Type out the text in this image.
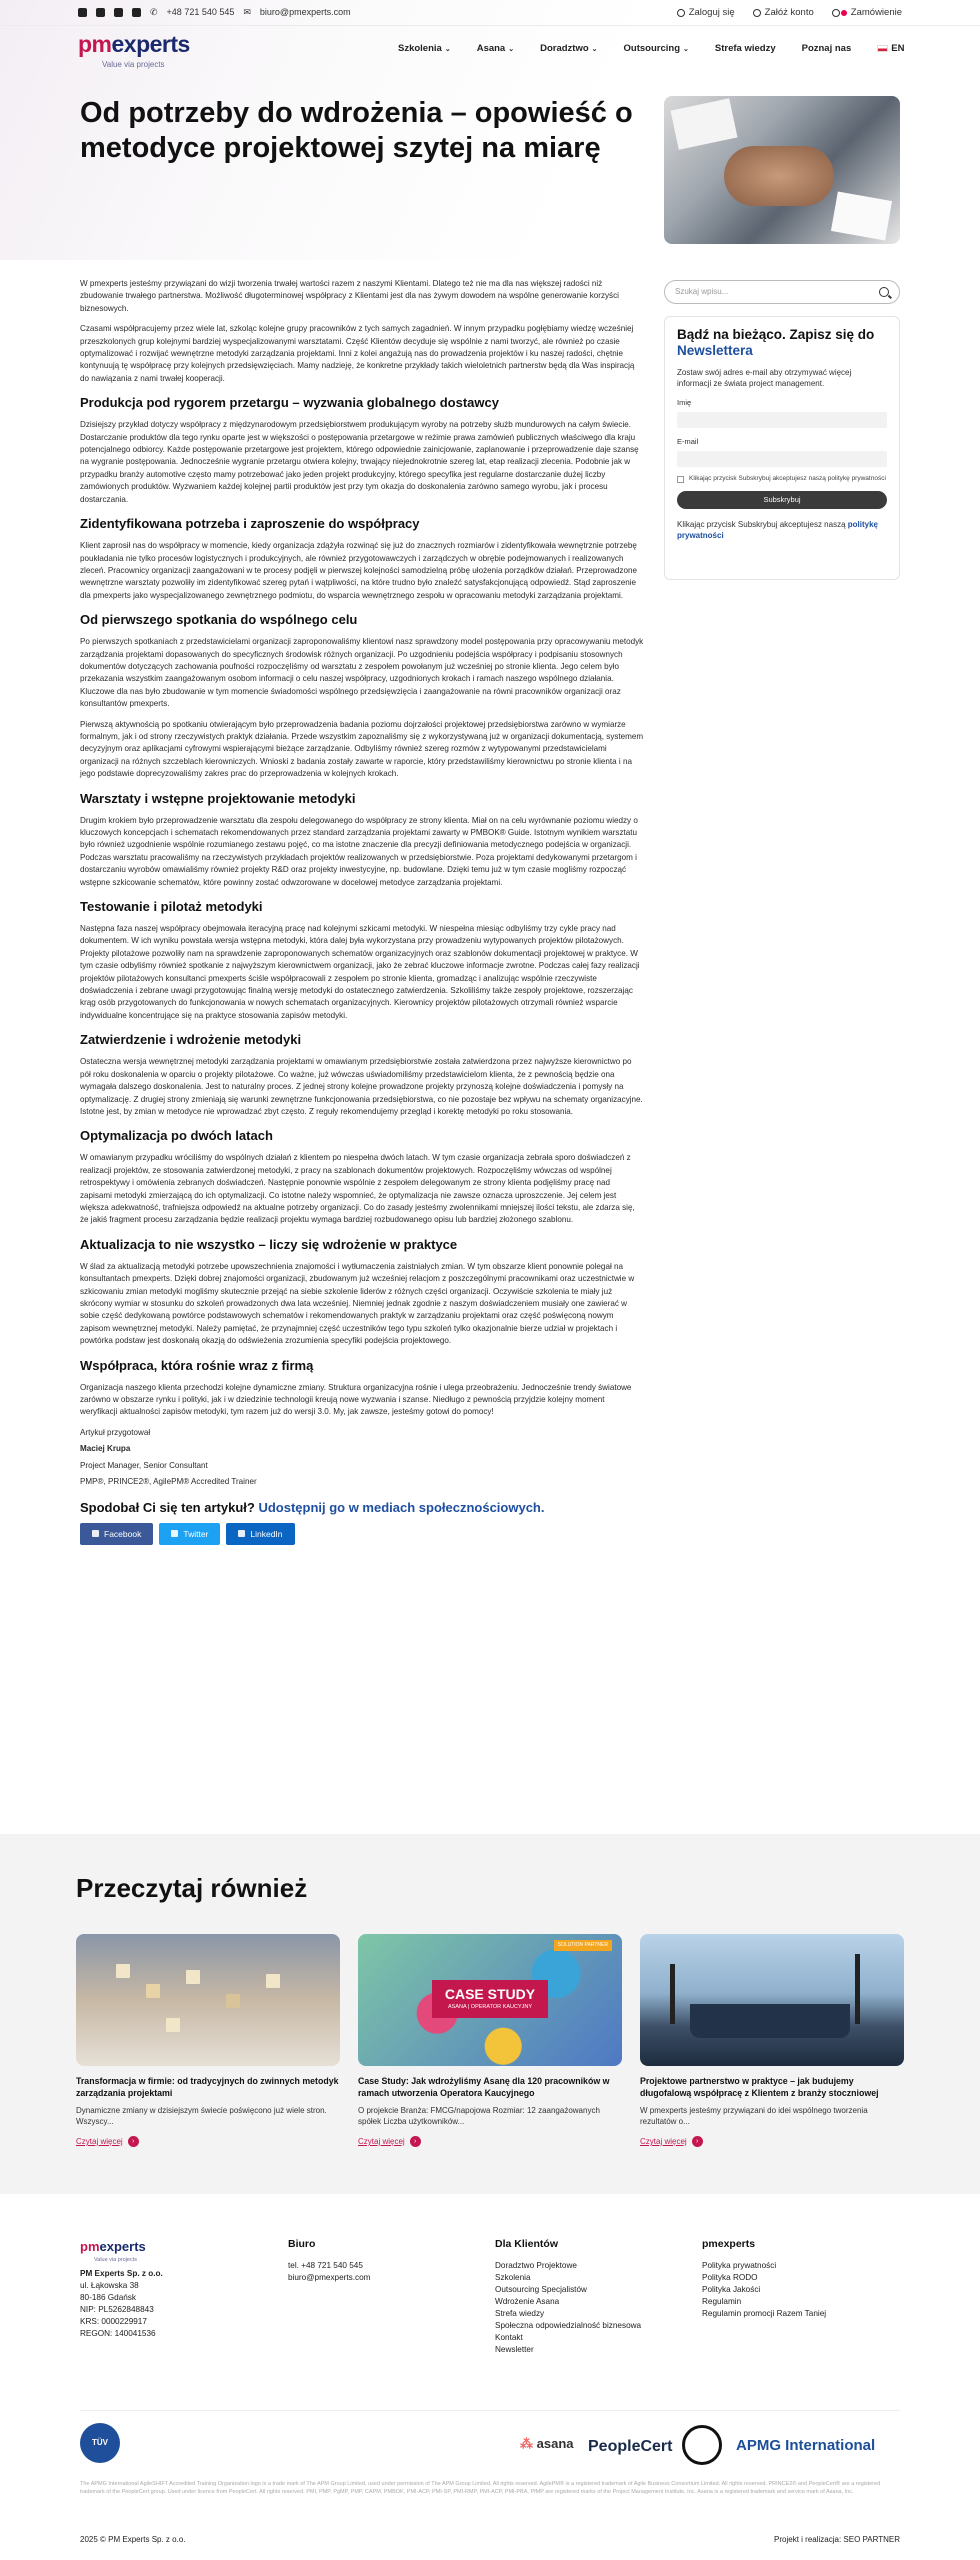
✆ +48 721 540 545 ✉ biuro@pmexperts.com	Zaloguj się	Załóż konto	Zamówienie
pmexperts
Value via projects
Szkolenia ⌄	Asana ⌄	Doradztwo ⌄	Outsourcing ⌄	Strefa wiedzy	Poznaj nas	EN
Od potrzeby do wdrożenia – opowieść o metodyce projektowej szytej na miarę

W pmexperts jesteśmy przywiązani do wizji tworzenia trwałej wartości razem z naszymi Klientami. Dlatego też nie ma dla nas większej radości niż zbudowanie trwałego partnerstwa. Możliwość długoterminowej współpracy z Klientami jest dla nas żywym dowodem na wspólne generowanie korzyści biznesowych.

Czasami współpracujemy przez wiele lat, szkoląc kolejne grupy pracowników z tych samych zagadnień. W innym przypadku pogłębiamy wiedzę wcześniej przeszkolonych grup kolejnymi bardziej wyspecjalizowanymi warsztatami. Część Klientów decyduje się wspólnie z nami tworzyć, ale również po czasie optymalizować i rozwijać wewnętrzne metodyki zarządzania projektami. Inni z kolei angażują nas do prowadzenia projektów i ku naszej radości, chętnie kontynuują tę współpracę przy kolejnych przedsięwzięciach. Mamy nadzieję, że konkretne przykłady takich wieloletnich partnerstw będą dla Was inspiracją do nawiązania z nami trwałej kooperacji.

Produkcja pod rygorem przetargu – wyzwania globalnego dostawcy

Dzisiejszy przykład dotyczy współpracy z międzynarodowym przedsiębiorstwem produkującym wyroby na potrzeby służb mundurowych na całym świecie. Dostarczanie produktów dla tego rynku oparte jest w większości o postępowania przetargowe w reżimie prawa zamówień publicznych właściwego dla kraju potencjalnego odbiorcy. Każde postępowanie przetargowe jest projektem, którego odpowiednie zainicjowanie, zaplanowanie i przeprowadzenie daje szansę na wygranie postępowania. Jednocześnie wygranie przetargu otwiera kolejny, trwający niejednokrotnie szereg lat, etap realizacji zlecenia. Podobnie jak w przypadku branży automotive często mamy potrzebować jako jeden projekt produkcyjny, którego specyfika jest regularne dostarczanie dużej liczby zamówionych produktów. Wyzwaniem każdej kolejnej partii produktów jest przy tym okazja do doskonalenia zarówno samego wyrobu, jak i procesu dostarczania.

Zidentyfikowana potrzeba i zaproszenie do współpracy

Klient zaprosił nas do współpracy w momencie, kiedy organizacja zdążyła rozwinąć się już do znacznych rozmiarów i zidentyfikowała wewnętrznie potrzebę poukładania nie tylko procesów logistycznych i produkcyjnych, ale również przygotowawczych i zarządczych w obrębie podejmowanych i realizowanych zleceń. Pracownicy organizacji zaangażowani w te procesy podjęli w pierwszej kolejności samodzielną próbę ułożenia porządków działań. Przeprowadzone wewnętrzne warsztaty pozwoliły im zidentyfikować szereg pytań i wątpliwości, na które trudno było znaleźć satysfakcjonującą odpowiedź. Stąd zaproszenie dla pmexperts jako wyspecjalizowanego zewnętrznego podmiotu, do wsparcia wewnętrznego zespołu w opracowaniu metodyki zarządzania projektami.

Od pierwszego spotkania do wspólnego celu

Po pierwszych spotkaniach z przedstawicielami organizacji zaproponowaliśmy klientowi nasz sprawdzony model postępowania przy opracowywaniu metodyk zarządzania projektami dopasowanych do specyficznych środowisk różnych organizacji. Po uzgodnieniu podejścia współpracy i podpisaniu stosownych dokumentów dotyczących zachowania poufności rozpoczęliśmy od warsztatu z zespołem powołanym już wcześniej po stronie klienta. Jego celem było przekazania wszystkim zaangażowanym osobom informacji o celu naszej współpracy, uzgodnionych krokach i ramach naszego wspólnego działania. Kluczowe dla nas było zbudowanie w tym momencie świadomości wspólnego przedsięwzięcia i zaangażowanie na równi pracowników organizacji oraz konsultantów pmexperts.

Pierwszą aktywnością po spotkaniu otwierającym było przeprowadzenia badania poziomu dojrzałości projektowej przedsiębiorstwa zarówno w wymiarze formalnym, jak i od strony rzeczywistych praktyk działania. Przede wszystkim zapoznaliśmy się z wykorzystywaną już w organizacji dokumentacją, systemem decyzyjnym oraz aplikacjami cyfrowymi wspierającymi bieżące zarządzanie. Odbyliśmy również szereg rozmów z wytypowanymi przedstawicielami organizacji na różnych szczeblach kierowniczych. Wnioski z badania zostały zawarte w raporcie, który przedstawiliśmy kierownictwu po stronie klienta i na jego podstawie doprecyzowaliśmy zakres prac do przeprowadzenia w kolejnych krokach.

Warsztaty i wstępne projektowanie metodyki

Drugim krokiem było przeprowadzenie warsztatu dla zespołu delegowanego do współpracy ze strony klienta. Miał on na celu wyrównanie poziomu wiedzy o kluczowych koncepcjach i schematach rekomendowanych przez standard zarządzania projektami zawarty w PMBOK® Guide. Istotnym wynikiem warsztatu było również uzgodnienie wspólnie rozumianego zestawu pojęć, co ma istotne znaczenie dla precyzji definiowania metodycznego podejścia w organizacji. Podczas warsztatu pracowaliśmy na rzeczywistych przykładach projektów realizowanych w przedsiębiorstwie. Poza projektami dedykowanymi przetargom i dostarczaniu wyrobów omawialiśmy również projekty R&D oraz projekty inwestycyjne, np. budowlane. Dzięki temu już w tym czasie mogliśmy rozpocząć wstępne szkicowanie schematów, które powinny zostać odwzorowane w docelowej metodyce zarządzania projektami.

Testowanie i pilotaż metodyki

Następna faza naszej współpracy obejmowała iteracyjną pracę nad kolejnymi szkicami metodyki. W niespełna miesiąc odbyliśmy trzy cykle pracy nad dokumentem. W ich wyniku powstała wersja wstępna metodyki, która dalej była wykorzystana przy prowadzeniu wytypowanych projektów pilotażowych. Projekty pilotażowe pozwoliły nam na sprawdzenie zaproponowanych schematów organizacyjnych oraz szablonów dokumentacji projektowej w praktyce. W tym czasie odbyliśmy również spotkanie z najwyższym kierownictwem organizacji, jako że zebrać kluczowe informacje zwrotne. Podczas całej fazy realizacji projektów pilotażowych konsultanci pmexperts ściśle współpracowali z zespołem po stronie klienta, gromadząc i analizując wspólnie rzeczywiste doświadczenia i zebrane uwagi przygotowując finalną wersję metodyki do ostatecznego zatwierdzenia. Szkoliliśmy także zespoły projektowe, rozszerzając krąg osób przygotowanych do funkcjonowania w nowych schematach organizacyjnych. Kierownicy projektów pilotażowych otrzymali również wsparcie indywidualne koncentrujące się na praktyce stosowania zapisów metodyki.

Zatwierdzenie i wdrożenie metodyki

Ostateczna wersja wewnętrznej metodyki zarządzania projektami w omawianym przedsiębiorstwie została zatwierdzona przez najwyższe kierownictwo po pół roku doskonalenia w oparciu o projekty pilotażowe. Co ważne, już wówczas uświadomiliśmy przedstawicielom klienta, że z pewnością będzie ona wymagała dalszego doskonalenia. Jest to naturalny proces. Z jednej strony kolejne prowadzone projekty przynoszą kolejne doświadczenia i pomysły na optymalizację. Z drugiej strony zmieniają się warunki zewnętrzne funkcjonowania przedsiębiorstwa, co nie pozostaje bez wpływu na schematy organizacyjne. Istotne jest, by zmian w metodyce nie wprowadzać zbyt często. Z reguły rekomendujemy przegląd i korektę metodyki po roku stosowania.

Optymalizacja po dwóch latach

W omawianym przypadku wróciliśmy do wspólnych działań z klientem po niespełna dwóch latach. W tym czasie organizacja zebrała sporo doświadczeń z realizacji projektów, ze stosowania zatwierdzonej metodyki, z pracy na szablonach dokumentów projektowych. Rozpoczęliśmy wówczas od wspólnej retrospektywy i omówienia zebranych doświadczeń. Następnie ponownie wspólnie z zespołem delegowanym ze strony klienta podjęliśmy pracę nad zapisami metodyki zmierzającą do ich optymalizacji. Co istotne należy wspomnieć, że optymalizacja nie zawsze oznacza uproszczenie. Jej celem jest większa adekwatność, trafniejsza odpowiedź na aktualne potrzeby organizacji. Co do zasady jesteśmy zwolennikami mniejszej ilości tekstu, ale zdarza się, że jakiś fragment procesu zarządzania będzie realizacji projektu wymaga bardziej rozbudowanego opisu lub bardziej złożonego szablonu.

Aktualizacja to nie wszystko – liczy się wdrożenie w praktyce

W ślad za aktualizacją metodyki potrzebe upowszechnienia znajomości i wytłumaczenia zaistniałych zmian. W tym obszarze klient ponownie polegał na konsultantach pmexperts. Dzięki dobrej znajomości organizacji, zbudowanym już wcześniej relacjom z poszczególnymi pracownikami oraz uczestnictwie w szkicowaniu zmian metodyki mogliśmy skutecznie przejąć na siebie szkolenie liderów z różnych części organizacji. Oczywiście szkolenia te miały już skrócony wymiar w stosunku do szkoleń prowadzonych dwa lata wcześniej. Niemniej jednak zgodnie z naszym doświadczeniem musiały one zawierać w sobie część dedykowaną powtórce podstawowych schematów i rekomendowanych praktyk w zarządzaniu projektami oraz część poświęconą nowym zapisom wewnętrznej metodyki. Należy pamiętać, że przynajmniej część uczestników tego typu szkoleń tylko okazjonalnie bierze udział w projektach i powtórka podstaw jest doskonałą okazją do odświeżenia zrozumienia specyfiki podejścia projektowego.

Współpraca, która rośnie wraz z firmą

Organizacja naszego klienta przechodzi kolejne dynamiczne zmiany. Struktura organizacyjna rośnie i ulega przeobrażeniu. Jednocześnie trendy światowe zarówno w obszarze rynku i polityki, jak i w dziedzinie technologii kreują nowe wyzwania i szanse. Niedługo z pewnością przyjdzie kolejny moment weryfikacji aktualności zapisów metodyki, tym razem już do wersji 3.0. My, jak zawsze, jesteśmy gotowi do pomocy!

Artykuł przygotował

Maciej Krupa

Project Manager, Senior Consultant

PMP®, PRINCE2®, AgilePM® Accredited Trainer

Spodobał Ci się ten artykuł? Udostępnij go w mediach społecznościowych.
Facebook	Twitter	LinkedIn
Szukaj wpisu...
Bądź na bieżąco. Zapisz się do Newslettera

Zostaw swój adres e-mail aby otrzymywać więcej informacji ze świata project management.

Imię
E-mail
Klikając przycisk Subskrybuj akceptujesz naszą politykę prywatności
Subskrybuj

Klikając przycisk Subskrybuj akceptujesz naszą politykę prywatności

Przeczytaj również
Transformacja w firmie: od tradycyjnych do zwinnych metodyk zarządzania projektami
Dynamiczne zmiany w dzisiejszym świecie poświęcono już wiele stron. Wszyscy...
Czytaj więcej	›
SOLUTION PARTNER
CASE STUDY
ASANA | OPERATOR KAUCYJNY
Case Study: Jak wdrożyliśmy Asanę dla 120 pracowników w ramach utworzenia Operatora Kaucyjnego
O projekcie Branża: FMCG/napojowa Rozmiar: 12 zaangażowanych spółek Liczba użytkowników...
Czytaj więcej	›
Projektowe partnerstwo w praktyce – jak budujemy długofalową współpracę z Klientem z branży stoczniowej
W pmexperts jesteśmy przywiązani do idei wspólnego tworzenia rezultatów o...
Czytaj więcej	›
pmexperts
Value via projects
PM Experts Sp. z o.o.
ul. Łąkowska 38
80-186 Gdańsk
NIP: PL5262848843
KRS: 0000229917
REGON: 140041536
Biuro
tel. +48 721 540 545
biuro@pmexperts.com
Dla Klientów
Doradztwo Projektowe
Szkolenia
Outsourcing Specjalistów
Wdrożenie Asana
Strefa wiedzy
Społeczna odpowiedzialność biznesowa
Kontakt
Newsletter
pmexperts
Polityka prywatności
Polityka RODO
Polityka Jakości
Regulamin
Regulamin promocji Razem Taniej
TÜV	⁂ asana PeopleCert	APMG International
The APMG International AgileSHIFT Accredited Training Organization logo is a trade mark of The APM Group Limited, used under permission of The APM Group Limited. All rights reserved. AgilePM® is a registered trademark of Agile Business Consortium Limited. All rights reserved. PRINCE2® and PeopleCert® are a registered trademark of the PeopleCert group. Used under licence from PeopleCert. All rights reserved. PMI, PMP, PgMP, PMP, CAPM, PMBOK, PMI-ACP, PMI-SP, PMI-RMP, PMI-ACP, PMI-PBA, PfMP are registered marks of the Project Management Institute, Inc. Asana is a registered trademark and service mark of Asana, Inc.
2025 © PM Experts Sp. z o.o.	Projekt i realizacja: SEO PARTNER
